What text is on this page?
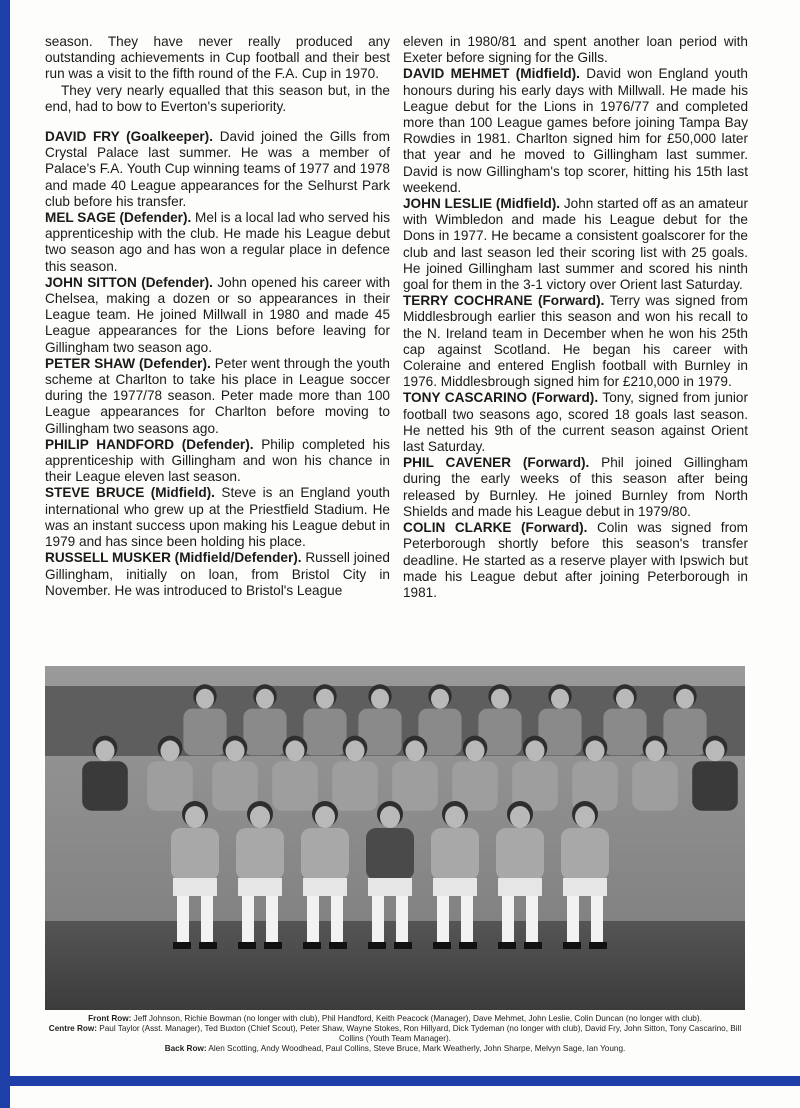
season. They have never really produced any outstanding achievements in Cup football and their best run was a visit to the fifth round of the F.A. Cup in 1970.

They very nearly equalled that this season but, in the end, had to bow to Everton's superiority.

DAVID FRY (Goalkeeper). David joined the Gills from Crystal Palace last summer. He was a member of Palace's F.A. Youth Cup winning teams of 1977 and 1978 and made 40 League appearances for the Selhurst Park club before his transfer.

MEL SAGE (Defender). Mel is a local lad who served his apprenticeship with the club. He made his League debut two season ago and has won a regular place in defence this season.

JOHN SITTON (Defender). John opened his career with Chelsea, making a dozen or so appearances in their League team. He joined Millwall in 1980 and made 45 League appearances for the Lions before leaving for Gillingham two season ago.

PETER SHAW (Defender). Peter went through the youth scheme at Charlton to take his place in League soccer during the 1977/78 season. Peter made more than 100 League appearances for Charlton before moving to Gillingham two seasons ago.

PHILIP HANDFORD (Defender). Philip completed his apprenticeship with Gillingham and won his chance in their League eleven last season.

STEVE BRUCE (Midfield). Steve is an England youth international who grew up at the Priestfield Stadium. He was an instant success upon making his League debut in 1979 and has since been holding his place.

RUSSELL MUSKER (Midfield/Defender). Russell joined Gillingham, initially on loan, from Bristol City in November. He was introduced to Bristol's League

eleven in 1980/81 and spent another loan period with Exeter before signing for the Gills.

DAVID MEHMET (Midfield). David won England youth honours during his early days with Millwall. He made his League debut for the Lions in 1976/77 and completed more than 100 League games before joining Tampa Bay Rowdies in 1981. Charlton signed him for £50,000 later that year and he moved to Gillingham last summer. David is now Gillingham's top scorer, hitting his 15th last weekend.

JOHN LESLIE (Midfield). John started off as an amateur with Wimbledon and made his League debut for the Dons in 1977. He became a consistent goalscorer for the club and last season led their scoring list with 25 goals. He joined Gillingham last summer and scored his ninth goal for them in the 3-1 victory over Orient last Saturday.

TERRY COCHRANE (Forward). Terry was signed from Middlesbrough earlier this season and won his recall to the N. Ireland team in December when he won his 25th cap against Scotland. He began his career with Coleraine and entered English football with Burnley in 1976. Middlesbrough signed him for £210,000 in 1979.

TONY CASCARINO (Forward). Tony, signed from junior football two seasons ago, scored 18 goals last season. He netted his 9th of the current season against Orient last Saturday.

PHIL CAVENER (Forward). Phil joined Gillingham during the early weeks of this season after being released by Burnley. He joined Burnley from North Shields and made his League debut in 1979/80.

COLIN CLARKE (Forward). Colin was signed from Peterborough shortly before this season's transfer deadline. He started as a reserve player with Ipswich but made his League debut after joining Peterborough in 1981.

Front Row: Jeff Johnson, Richie Bowman (no longer with club), Phil Handford, Keith Peacock (Manager), Dave Mehmet, John Leslie, Colin Duncan (no longer with club).
Centre Row: Paul Taylor (Asst. Manager), Ted Buxton (Chief Scout), Peter Shaw, Wayne Stokes, Ron Hillyard, Dick Tydeman (no longer with club), David Fry, John Sitton, Tony Cascarino, Bill Collins (Youth Team Manager).
Back Row: Alen Scotting, Andy Woodhead, Paul Collins, Steve Bruce, Mark Weatherly, John Sharpe, Melvyn Sage, Ian Young.
